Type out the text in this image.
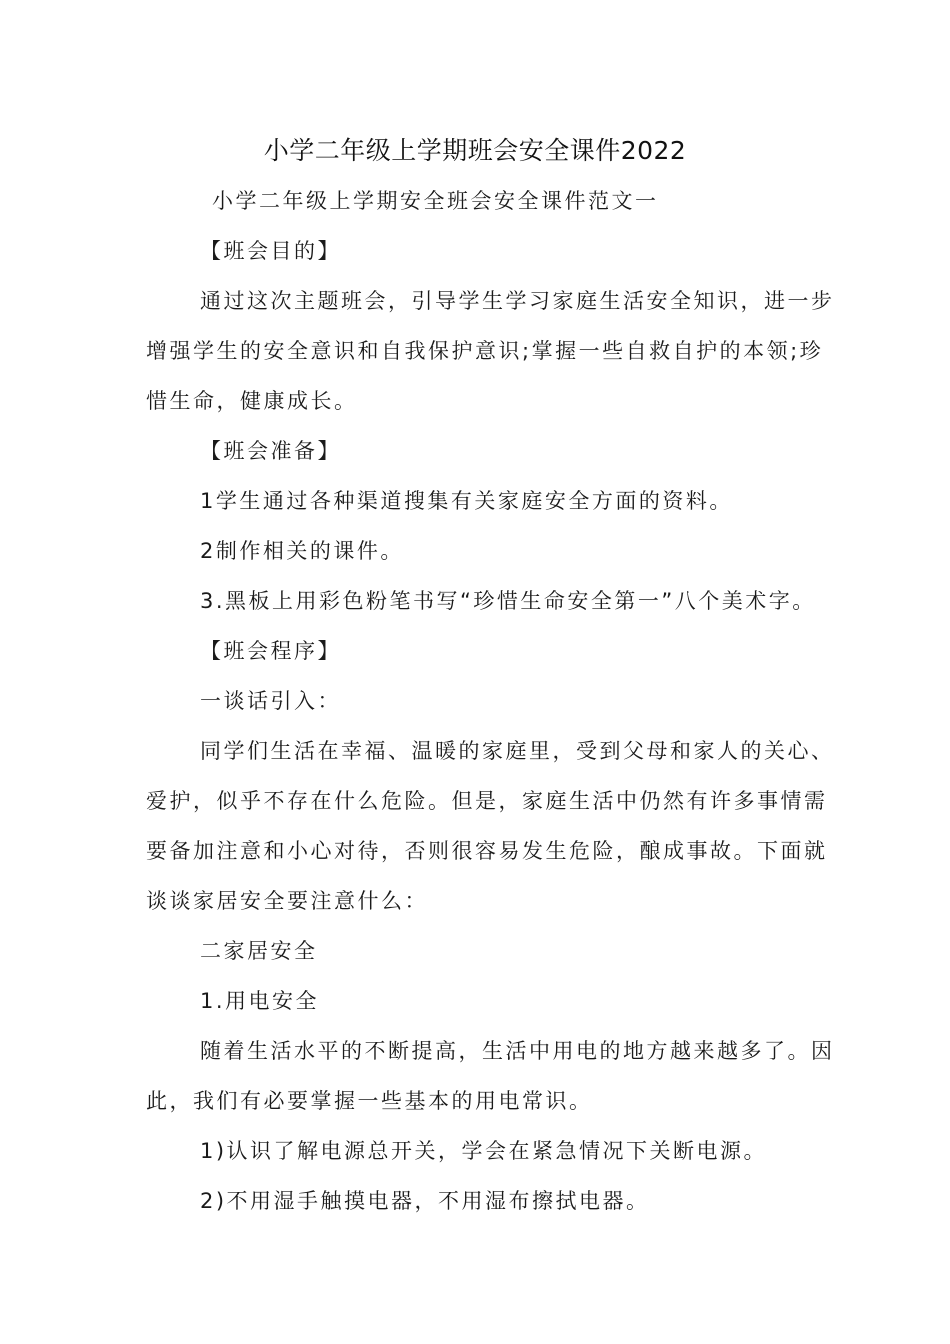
小学二年级上学期班会安全课件2022
小学二年级上学期安全班会安全课件范文一
【班会目的】
通过这次主题班会，引导学生学习家庭生活安全知识，进一步
增强学生的安全意识和自我保护意识;掌握一些自救自护的本领;珍
惜生命，健康成长。
【班会准备】
1学生通过各种渠道搜集有关家庭安全方面的资料。
2制作相关的课件。
3.黑板上用彩色粉笔书写“珍惜生命安全第一”八个美术字。
【班会程序】
一谈话引入：
同学们生活在幸福、温暖的家庭里，受到父母和家人的关心、
爱护，似乎不存在什么危险。但是，家庭生活中仍然有许多事情需
要备加注意和小心对待，否则很容易发生危险，酿成事故。下面就
谈谈家居安全要注意什么：
二家居安全
1.用电安全
随着生活水平的不断提高，生活中用电的地方越来越多了。因
此，我们有必要掌握一些基本的用电常识。
1)认识了解电源总开关，学会在紧急情况下关断电源。
2)不用湿手触摸电器，不用湿布擦拭电器。
